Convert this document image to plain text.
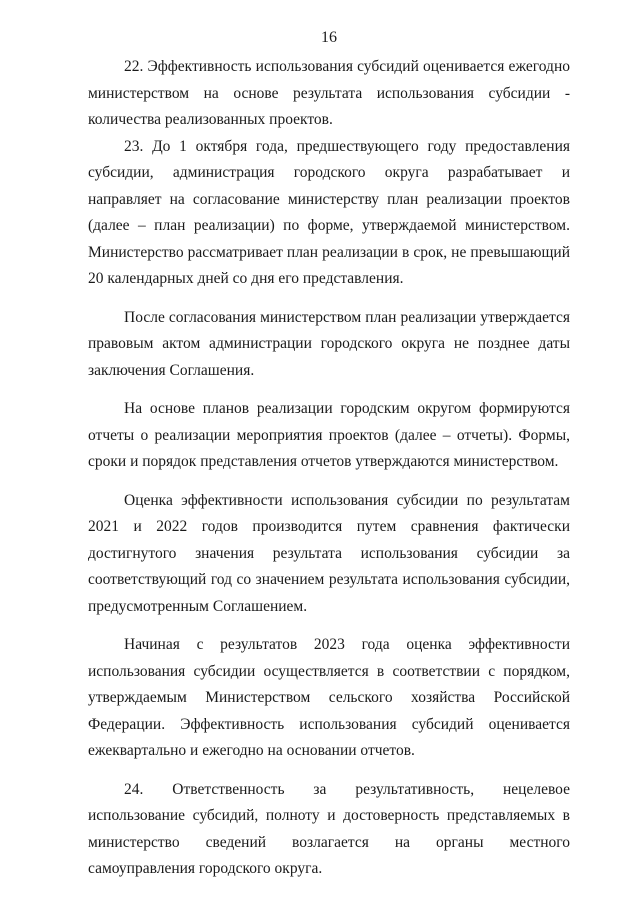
16

22. Эффективность использования субсидий оценивается ежегодно министерством на основе результата использования субсидии - количества реализованных проектов.

23. До 1 октября года, предшествующего году предоставления субсидии, администрация городского округа разрабатывает и направляет на согласование министерству план реализации проектов (далее – план реализации) по форме, утверждаемой министерством. Министерство рассматривает план реализации в срок, не превышающий 20 календарных дней со дня его представления.

После согласования министерством план реализации утверждается правовым актом администрации городского округа не позднее даты заключения Соглашения.

На основе планов реализации городским округом формируются отчеты о реализации мероприятия проектов (далее – отчеты). Формы, сроки и порядок представления отчетов утверждаются министерством.

Оценка эффективности использования субсидии по результатам 2021 и 2022 годов производится путем сравнения фактически достигнутого значения результата использования субсидии за соответствующий год со значением результата использования субсидии, предусмотренным Соглашением.

Начиная с результатов 2023 года оценка эффективности использования субсидии осуществляется в соответствии с порядком, утверждаемым Министерством сельского хозяйства Российской Федерации. Эффективность использования субсидий оценивается ежеквартально и ежегодно на основании отчетов.

24. Ответственность за результативность, нецелевое использование субсидий, полноту и достоверность представляемых в министерство сведений возлагается на органы местного самоуправления городского округа.
